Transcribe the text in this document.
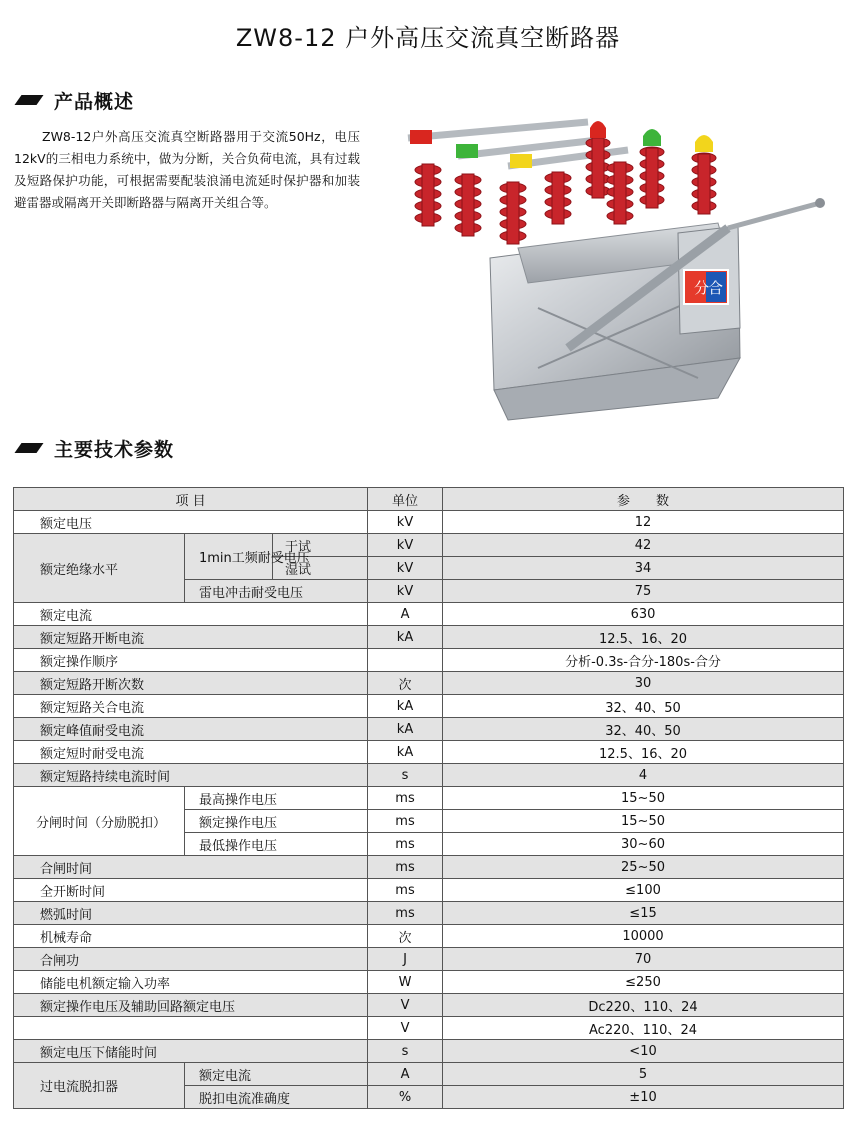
ZW8-12 户外高压交流真空断路器
产品概述
ZW8-12户外高压交流真空断路器用于交流50Hz，电压12kV的三相电力系统中，做为分断，关合负荷电流，具有过载及短路保护功能，可根据需要配装浪涌电流延时保护器和加装避雷器或隔离开关即断路器与隔离开关组合等。
分
合
主要技术参数
项 目			单位	参　　数
额定电压			kV	12
额定绝缘水平	1min工频耐受电压	干试	kV	42
		湿试	kV	34
	雷电冲击耐受电压		kV	75
额定电流			A	630
额定短路开断电流			kA	12.5、16、20
额定操作顺序				分析-0.3s-合分-180s-合分
额定短路开断次数			次	30
额定短路关合电流			kA	32、40、50
额定峰值耐受电流			kA	32、40、50
额定短时耐受电流			kA	12.5、16、20
额定短路持续电流时间			s	4
分闸时间（分励脱扣）	最高操作电压		ms	15~50
	额定操作电压		ms	15~50
	最低操作电压		ms	30~60
合闸时间			ms	25~50
全开断时间			ms	≤100
燃弧时间			ms	≤15
机械寿命			次	10000
合闸功			J	70
储能电机额定输入功率			W	≤250
额定操作电压及辅助回路额定电压			V	Dc220、110、24
			V	Ac220、110、24
额定电压下储能时间			s	<10
过电流脱扣器	额定电流		A	5
	脱扣电流准确度		%	±10
